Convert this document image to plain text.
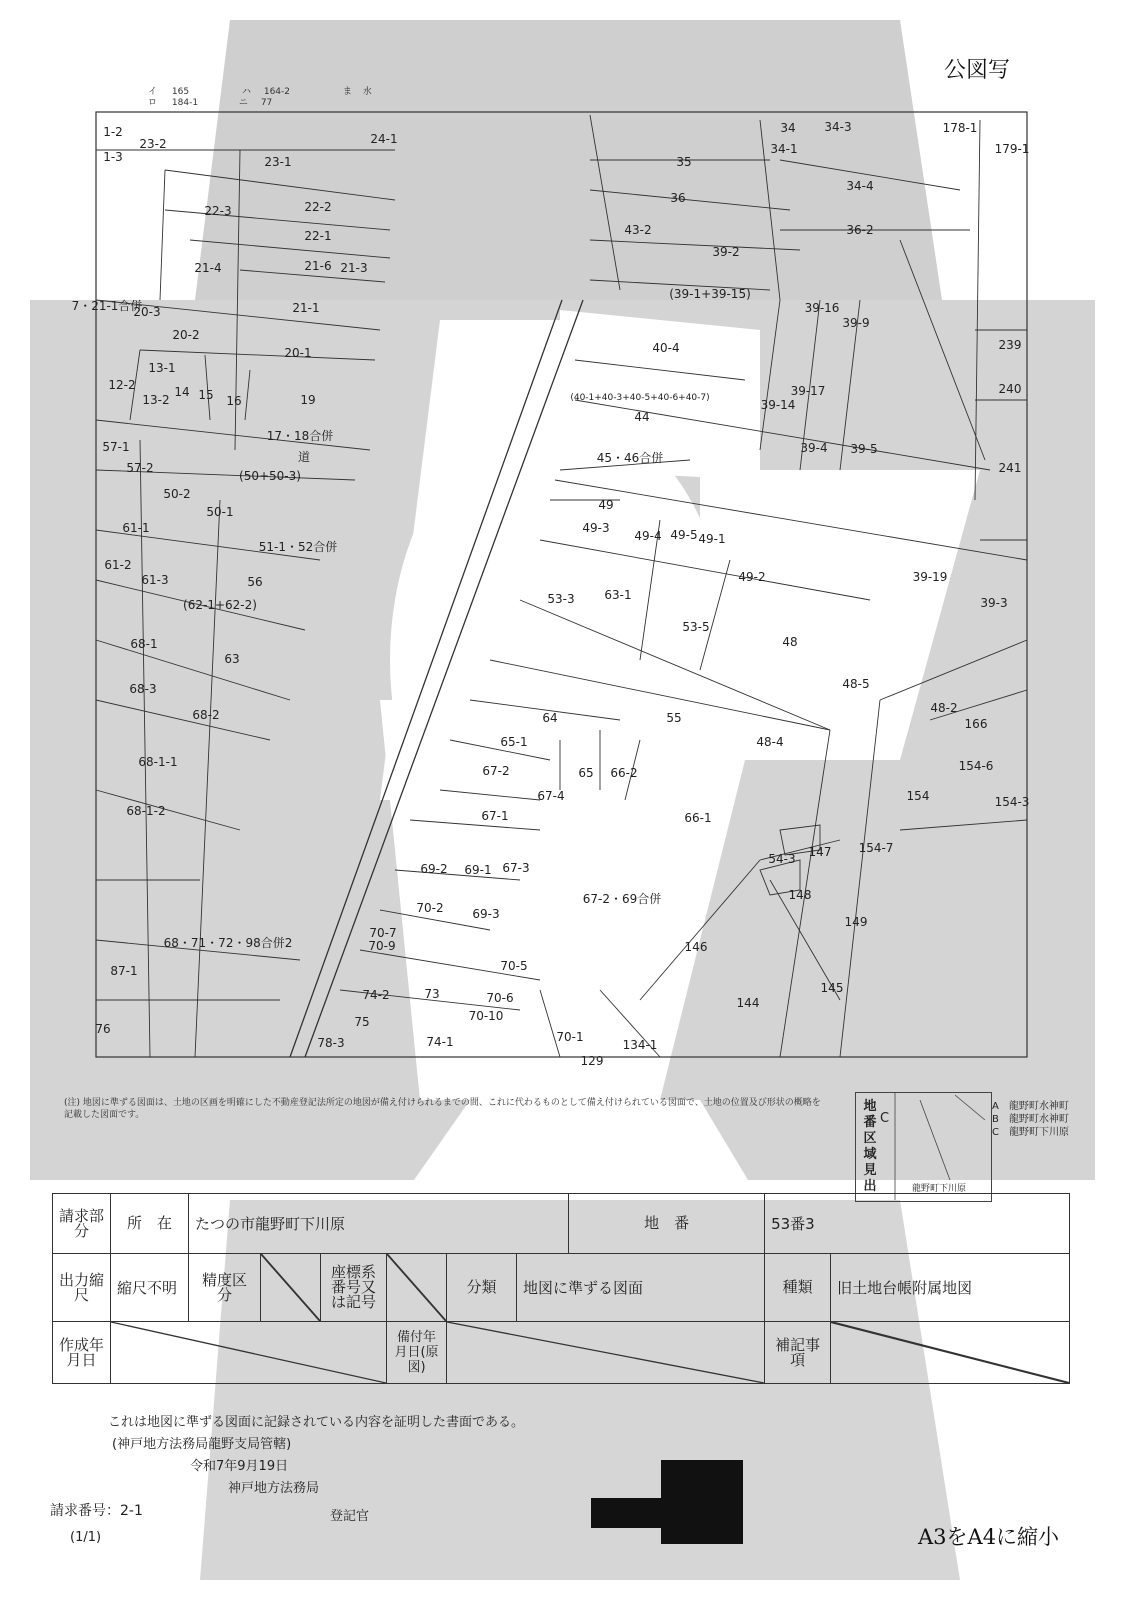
1-2
1-3
23-2
23-1
24-1
22-3	22-2
22-1
21-4	21-6 21-3
21-1
20-3
20-2
20-1
7・21-1合併
12-2
13-1
13-2
14 15 16	19
17・18合併
道
(50+50-3)
57-1
57-2
50-2
50-1
61-1
51-1・52合併
61-2
61-3	56
(62-1+62-2)
68-1
63
68-3
68-2
68-1-1
68-1-2
68・71・72・98合併2
87-1
76
78-3
74-2	73
75
74-1
34 34-3
34-1
35
36
43-2
39-2
34-4
36-2
(39-1+39-15)
39-16
39-9
40-4
(40-1+40-3+40-5+40-6+40-7)	39-14
39-17
44
45・46合併
39-4 39-5
178-1
179-1
239
240
241
49
49-3
49-4 49-5 49-1
49-2	39-19
39-3
53-3 63-1
53-5
48
48-5
55
64
65-1
65 66-2
48-4
48-2
166
154-6
154-3
67-2
67-4
67-1	66-1
154
67-3
69-2 69-1
54-3 147 154-7
70-2 69-3
67-2・69合併	148
149
70-7
70-9	146
70-5
70-6
70-10
145
144
70-1
134-1
129
公図写
A3をA4に縮小
イ 165	ハ 164-2	ま 水
ロ 184-1	ニ 77
(注) 地図に準ずる図面は、土地の区画を明確にした不動産登記法所定の地図が備え付けられるまでの間、これに代わるものとして備え付けられている図面で、土地の位置及び形状の概略を記載した図面です。
地番区域見出
C
龍野町下川原
A　 龍野町水神町
B　 龍野町水神町
C　 龍野町下川原
請求部分	所　在	たつの市龍野町下川原						地　番	53番3	
出力縮尺	縮尺不明	精度区分		座標系番号又は記号		分類	地図に準ずる図面		種類	旧土地台帳附属地図
作成年月日					備付年月日(原図)				補記事項	
これは地図に準ずる図面に記録されている内容を証明した書面である。
(神戸地方法務局龍野支局管轄)
令和7年9月19日
神戸地方法務局
登記官
請求番号：2-1
(1/1)
